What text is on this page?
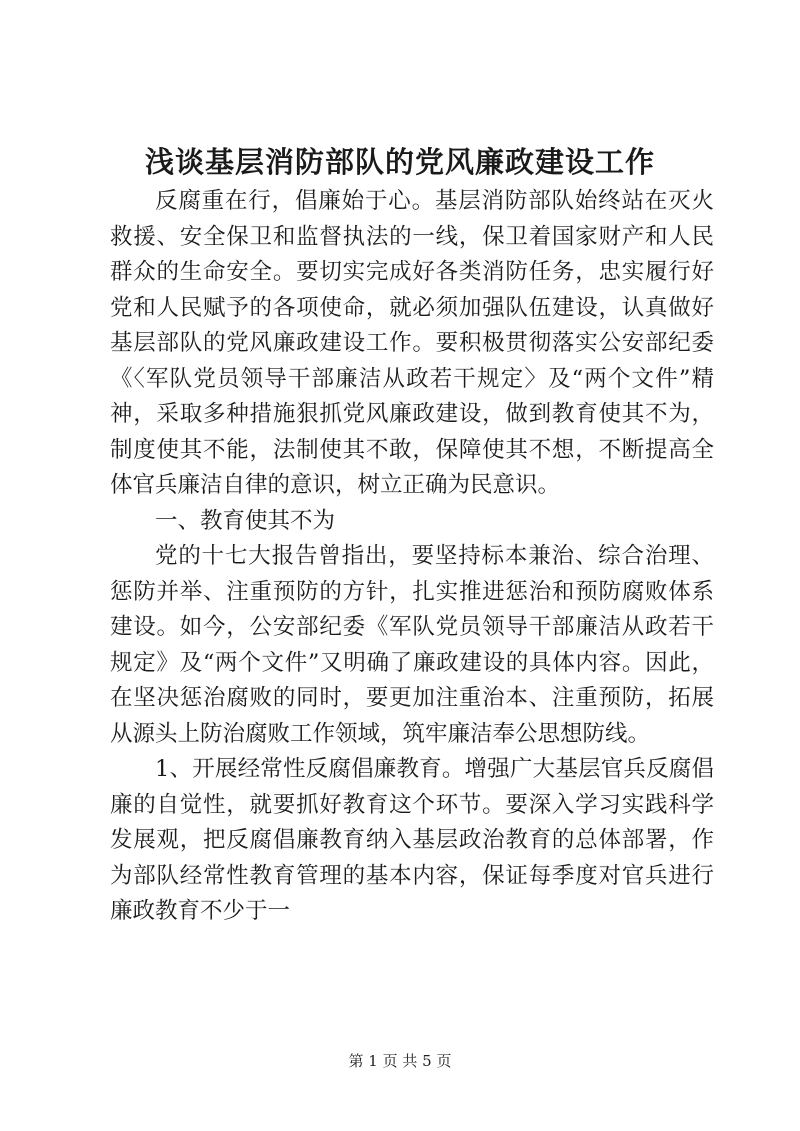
浅谈基层消防部队的党风廉政建设工作

反腐重在行，倡廉始于心。基层消防部队始终站在灭火救援、安全保卫和监督执法的一线，保卫着国家财产和人民群众的生命安全。要切实完成好各类消防任务，忠实履行好党和人民赋予的各项使命，就必须加强队伍建设，认真做好基层部队的党风廉政建设工作。要积极贯彻落实公安部纪委《〈军队党员领导干部廉洁从政若干规定〉及“两个文件”精神，采取多种措施狠抓党风廉政建设，做到教育使其不为，制度使其不能，法制使其不敢，保障使其不想，不断提高全体官兵廉洁自律的意识，树立正确为民意识。

一、教育使其不为

党的十七大报告曾指出，要坚持标本兼治、综合治理、惩防并举、注重预防的方针，扎实推进惩治和预防腐败体系建设。如今，公安部纪委《军队党员领导干部廉洁从政若干规定》及“两个文件”又明确了廉政建设的具体内容。因此，在坚决惩治腐败的同时，要更加注重治本、注重预防，拓展从源头上防治腐败工作领域，筑牢廉洁奉公思想防线。

1、开展经常性反腐倡廉教育。增强广大基层官兵反腐倡廉的自觉性，就要抓好教育这个环节。要深入学习实践科学发展观，把反腐倡廉教育纳入基层政治教育的总体部署，作为部队经常性教育管理的基本内容，保证每季度对官兵进行廉政教育不少于一

第 1 页 共 5 页
